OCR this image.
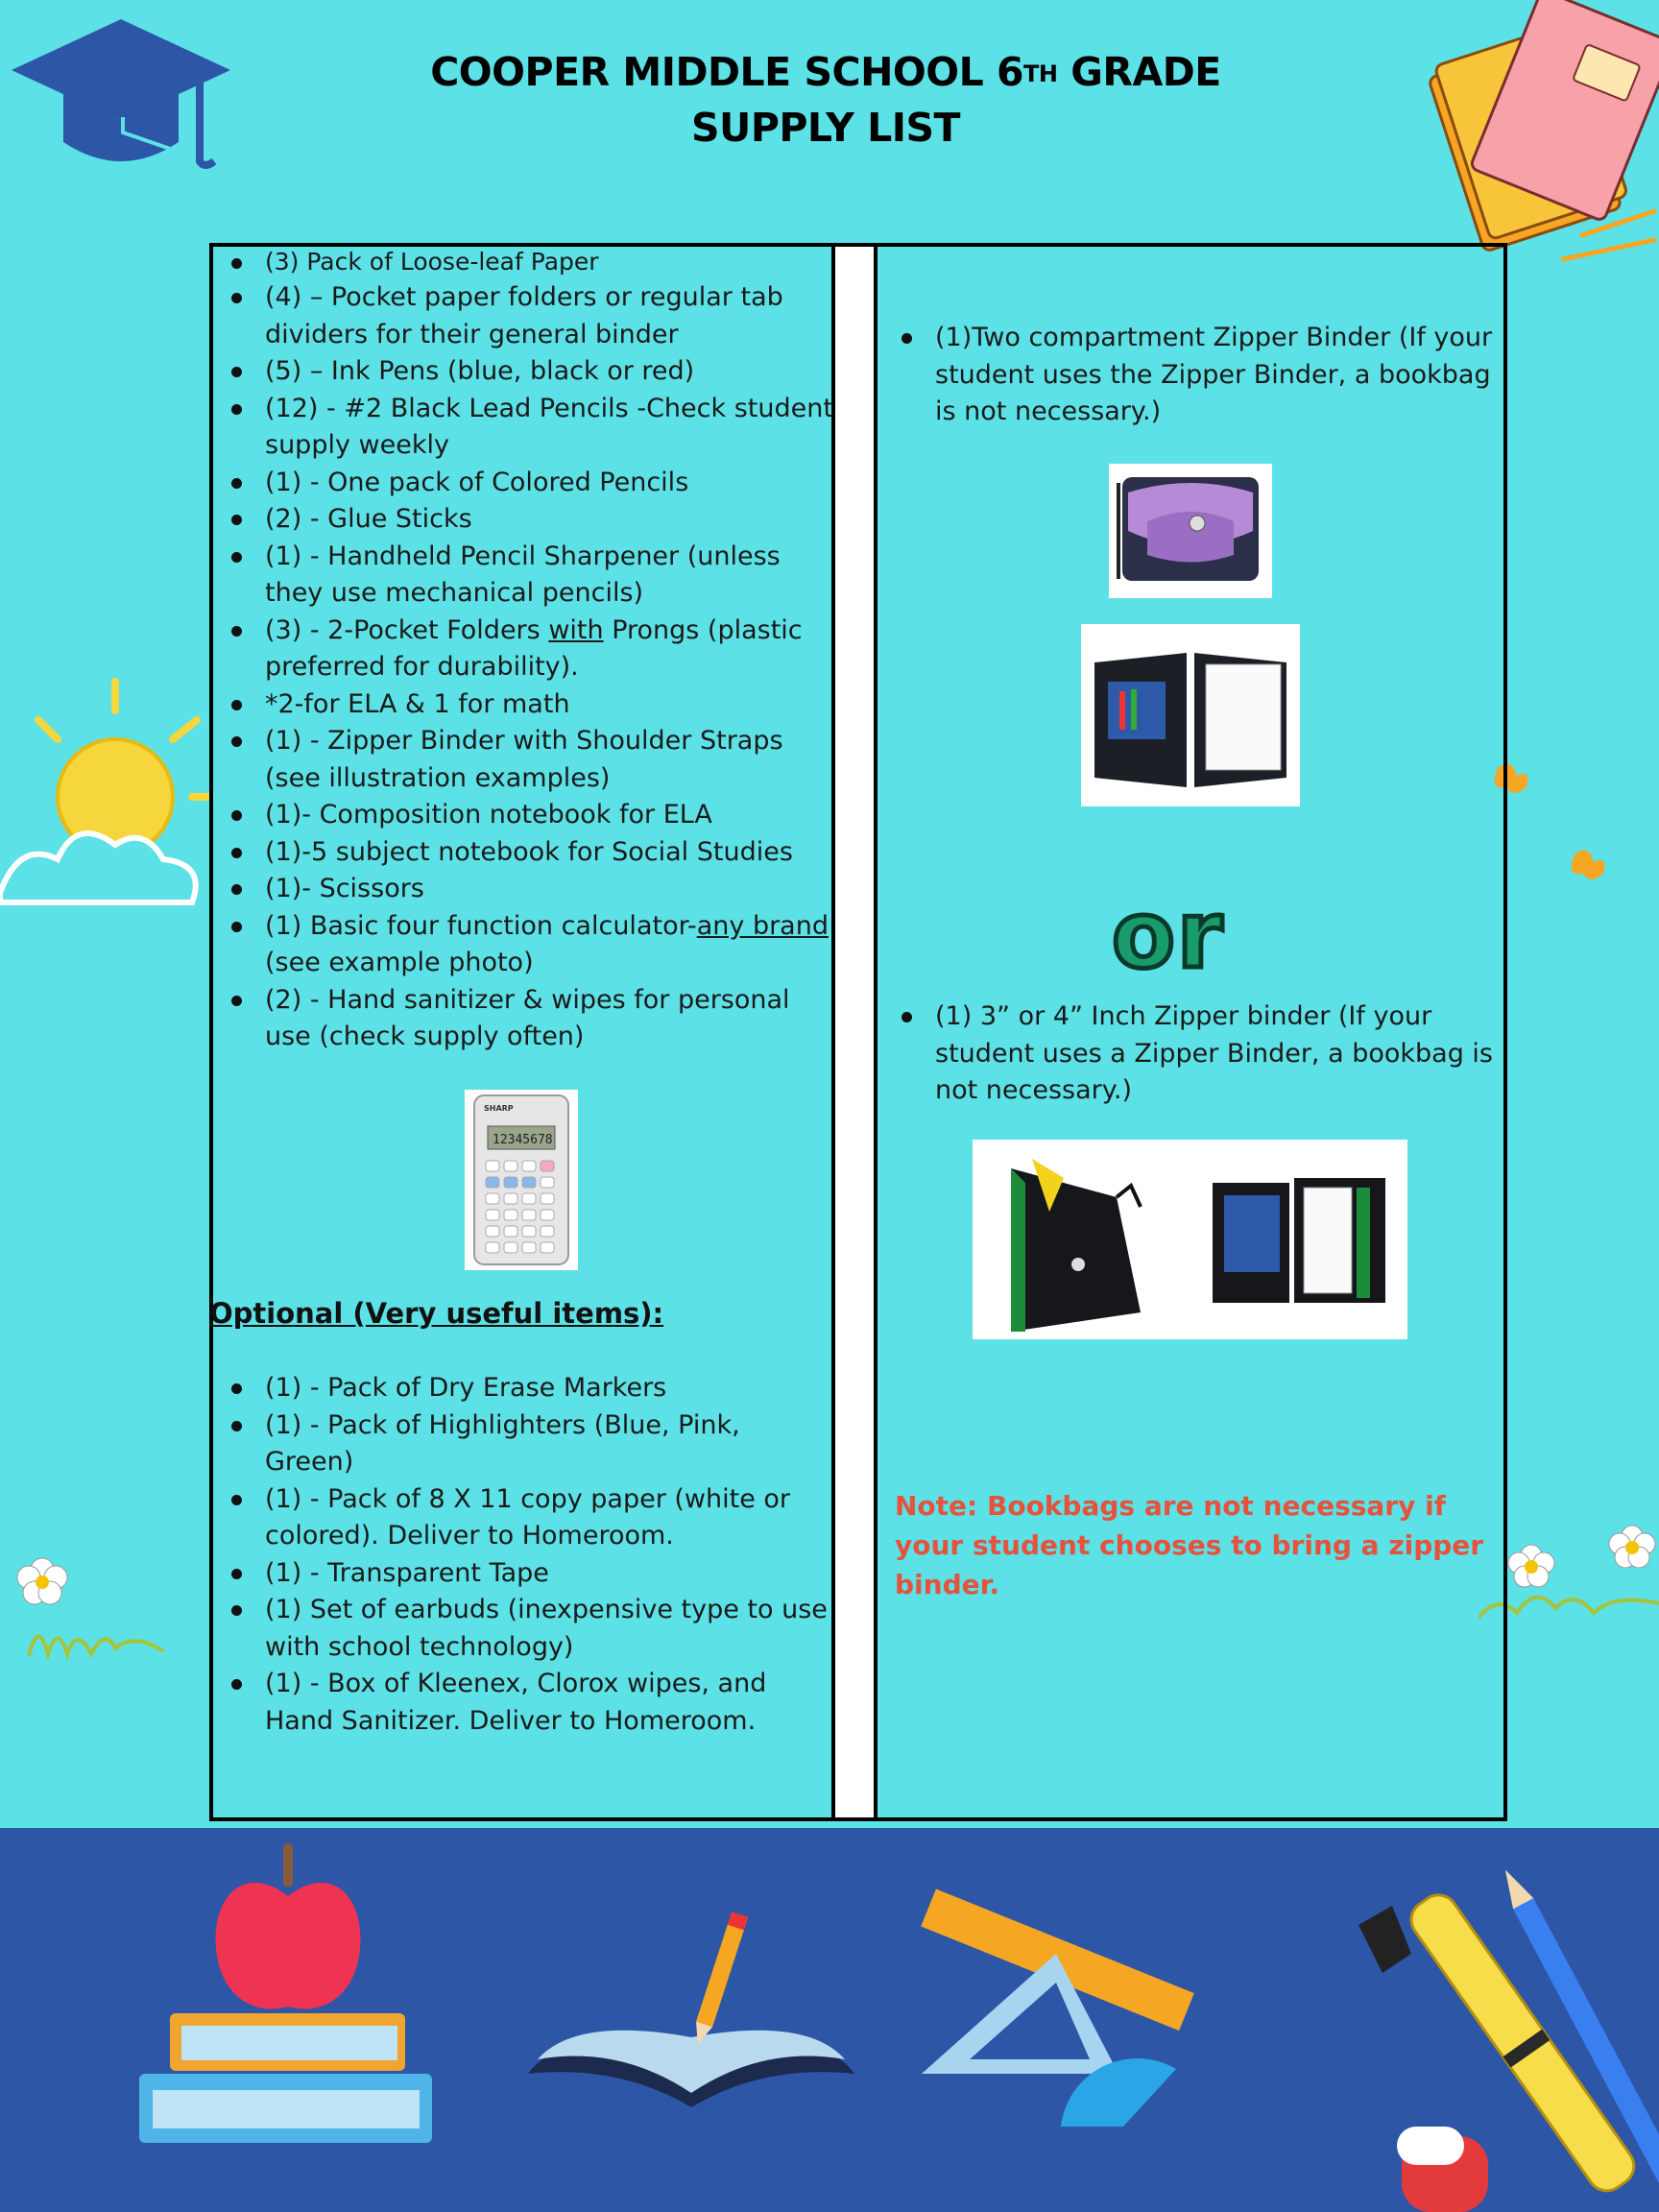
COOPER MIDDLE SCHOOL 6TH GRADE
SUPPLY LIST
(3) Pack of Loose-leaf Paper
(4) – Pocket paper folders or regular tab dividers for their general binder
(5) – Ink Pens (blue, black or red)
(12) - #2 Black Lead Pencils -Check student supply weekly
(1) - One pack of Colored Pencils
(2) - Glue Sticks
(1) - Handheld Pencil Sharpener (unless they use mechanical pencils)
(3) - 2-Pocket Folders with Prongs (plastic preferred for durability).
*2-for ELA & 1 for math
(1) - Zipper Binder with Shoulder Straps (see illustration examples)
(1)- Composition notebook for ELA
(1)-5 subject notebook for Social Studies
(1)- Scissors
(1) Basic four function calculator-any brand (see example photo)
(2) - Hand sanitizer & wipes for personal use (check supply often)
SHARP
12345678
Optional (Very useful items):
(1) - Pack of Dry Erase Markers
(1) - Pack of Highlighters (Blue, Pink, Green)
(1) - Pack of 8 X 11 copy paper (white or colored). Deliver to Homeroom.
(1) - Transparent Tape
(1) Set of earbuds (inexpensive type to use with school technology)
(1) - Box of Kleenex, Clorox wipes, and Hand Sanitizer. Deliver to Homeroom.
(1)Two compartment Zipper Binder (If your student uses the Zipper Binder, a bookbag is not necessary.)
or
(1) 3” or 4” Inch Zipper binder (If your student uses a Zipper Binder, a bookbag is not necessary.)
Note: Bookbags are not necessary if your student chooses to bring a zipper binder.
